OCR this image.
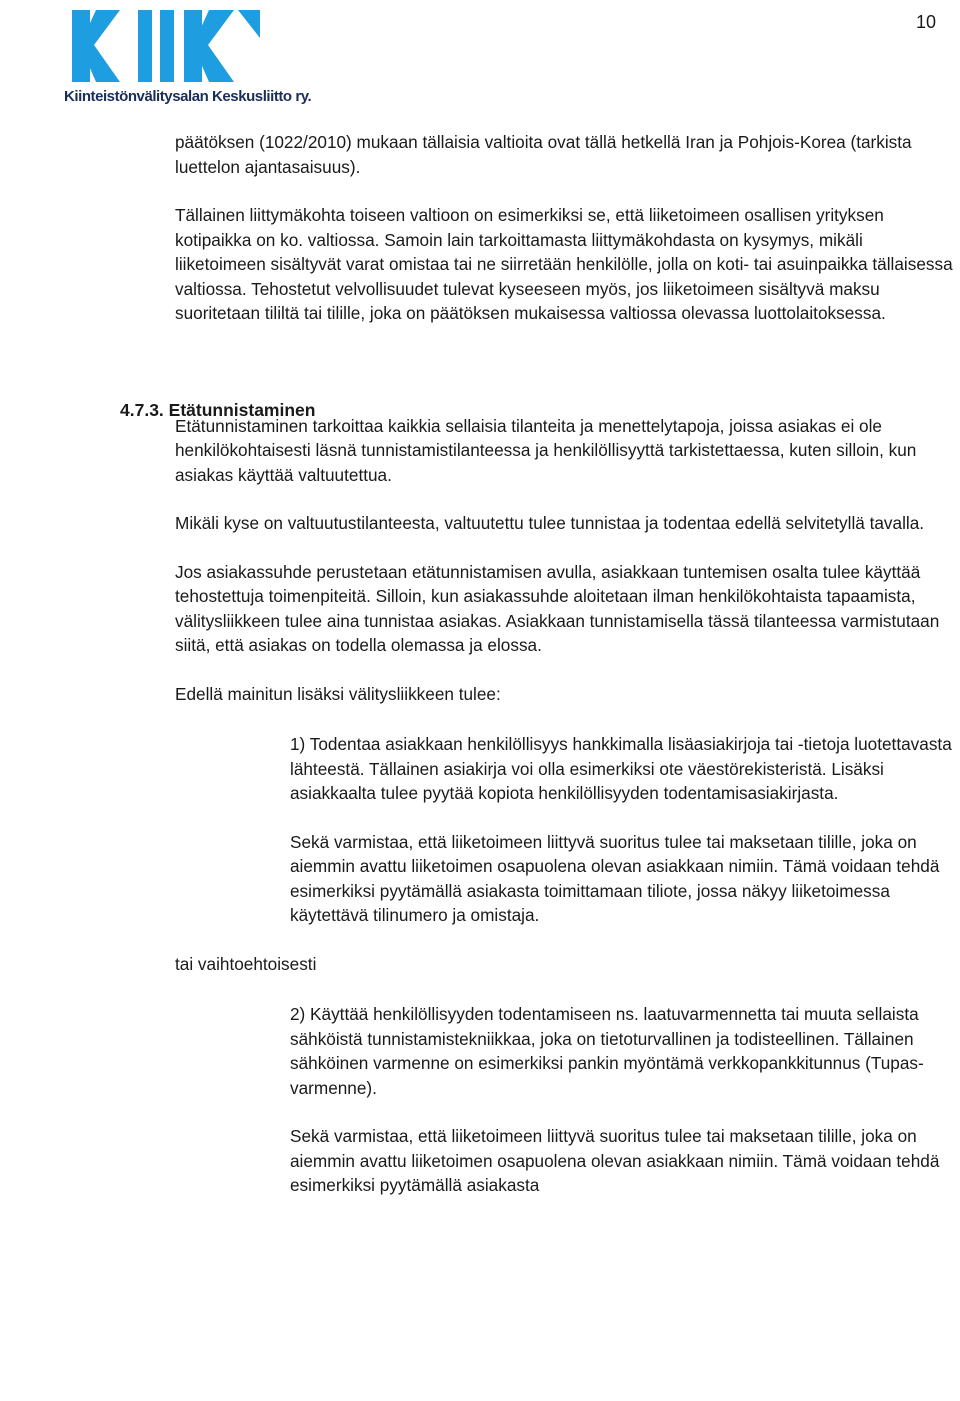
Kiinteistönvälitysalan Keskusliitto ry.
10

päätöksen (1022/2010) mukaan tällaisia valtioita ovat tällä hetkellä Iran ja Pohjois-Korea (tarkista luettelon ajantasaisuus).

Tällainen liittymäkohta toiseen valtioon on esimerkiksi se, että liiketoimeen osallisen yrityksen kotipaikka on ko. valtiossa. Samoin lain tarkoittamasta liittymäkohdasta on kysymys, mikäli liiketoimeen sisältyvät varat omistaa tai ne siirretään henkilölle, jolla on koti- tai asuinpaikka tällaisessa valtiossa. Tehostetut velvollisuudet tulevat kyseeseen myös, jos liiketoimeen sisältyvä maksu suoritetaan tililtä tai tilille, joka on päätöksen mukaisessa valtiossa olevassa luottolaitoksessa.

4.7.3. Etätunnistaminen

Etätunnistaminen tarkoittaa kaikkia sellaisia tilanteita ja menettelytapoja, joissa asiakas ei ole henkilökohtaisesti läsnä tunnistamistilanteessa ja henkilöllisyyttä tarkistettaessa, kuten silloin, kun asiakas käyttää valtuutettua.

Mikäli kyse on valtuutustilanteesta, valtuutettu tulee tunnistaa ja todentaa edellä selvitetyllä tavalla.

Jos asiakassuhde perustetaan etätunnistamisen avulla, asiakkaan tuntemisen osalta tulee käyttää tehostettuja toimenpiteitä. Silloin, kun asiakassuhde aloitetaan ilman henkilökohtaista tapaamista, välitysliikkeen tulee aina tunnistaa asiakas. Asiakkaan tunnistamisella tässä tilanteessa varmistutaan siitä, että asiakas on todella olemassa ja elossa.

Edellä mainitun lisäksi välitysliikkeen tulee:

1) Todentaa asiakkaan henkilöllisyys hankkimalla lisäasiakirjoja tai -tietoja luotettavasta lähteestä. Tällainen asiakirja voi olla esimerkiksi ote väestörekisteristä. Lisäksi asiakkaalta tulee pyytää kopiota henkilöllisyyden todentamisasiakirjasta.

Sekä varmistaa, että liiketoimeen liittyvä suoritus tulee tai maksetaan tilille, joka on aiemmin avattu liiketoimen osapuolena olevan asiakkaan nimiin. Tämä voidaan tehdä esimerkiksi pyytämällä asiakasta toimittamaan tiliote, jossa näkyy liiketoimessa käytettävä tilinumero ja omistaja.

tai vaihtoehtoisesti

2) Käyttää henkilöllisyyden todentamiseen ns. laatuvarmennetta tai muuta sellaista sähköistä tunnistamistekniikkaa, joka on tietoturvallinen ja todisteellinen. Tällainen sähköinen varmenne on esimerkiksi pankin myöntämä verkkopankkitunnus (Tupas- varmenne).

Sekä varmistaa, että liiketoimeen liittyvä suoritus tulee tai maksetaan tilille, joka on aiemmin avattu liiketoimen osapuolena olevan asiakkaan nimiin. Tämä voidaan tehdä esimerkiksi pyytämällä asiakasta
